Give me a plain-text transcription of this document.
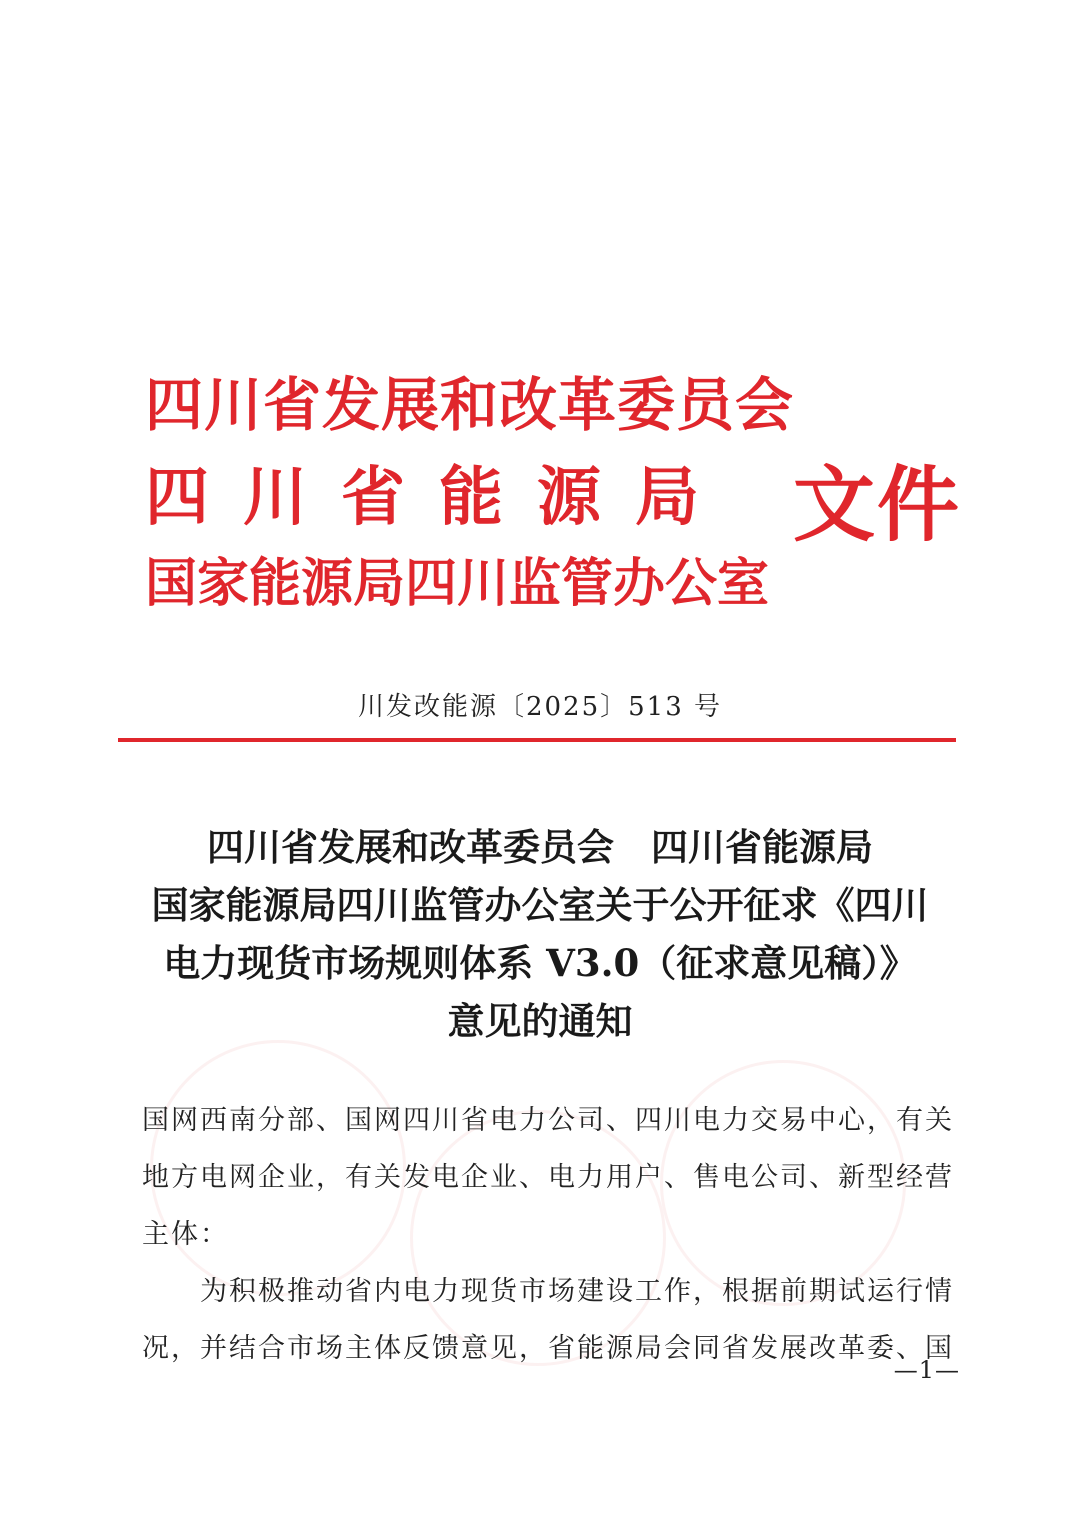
四川省发展和改革委员会
四川省能源局
国家能源局四川监管办公室
文件
川发改能源〔2025〕513 号
四川省发展和改革委员会　四川省能源局
国家能源局四川监管办公室关于公开征求《四川
电力现货市场规则体系 V3.0（征求意见稿）》
意见的通知
国网西南分部、国网四川省电力公司、四川电力交易中心，有关地方电网企业，有关发电企业、电力用户、售电公司、新型经营主体：
为积极推动省内电力现货市场建设工作，根据前期试运行情况，并结合市场主体反馈意见，省能源局会同省发展改革委、国
—1—
